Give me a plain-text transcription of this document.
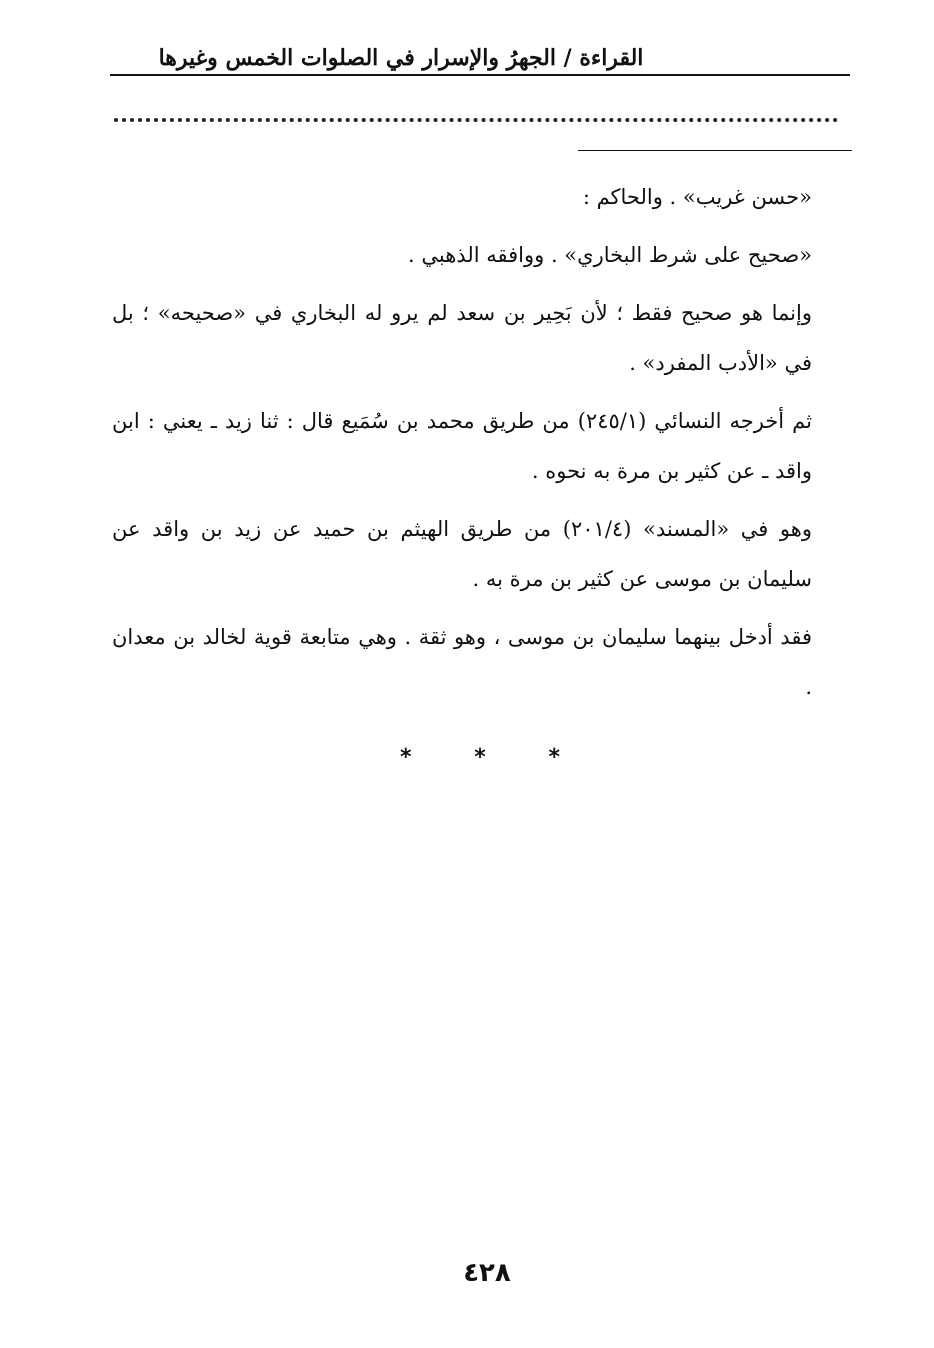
القراءة / الجهرُ والإسرار في الصلوات الخمس وغيرها

«حسن غريب» . والحاكم :

«صحيح على شرط البخاري» . ووافقه الذهبي .

وإنما هو صحيح فقط ؛ لأن بَحِير بن سعد لم يرو له البخاري في «صحيحه» ؛ بل في «الأدب المفرد» .

ثم أخرجه النسائي (٢٤٥/١) من طريق محمد بن سُمَيع قال : ثنا زيد ـ يعني : ابن واقد ـ عن كثير بن مرة به نحوه .

وهو في «المسند» (٢٠١/٤) من طريق الهيثم بن حميد عن زيد بن واقد عن سليمان بن موسى عن كثير بن مرة به .

فقد أدخل بينهما سليمان بن موسى ، وهو ثقة . وهي متابعة قوية لخالد بن معدان .

*	*	*
٤٢٨
